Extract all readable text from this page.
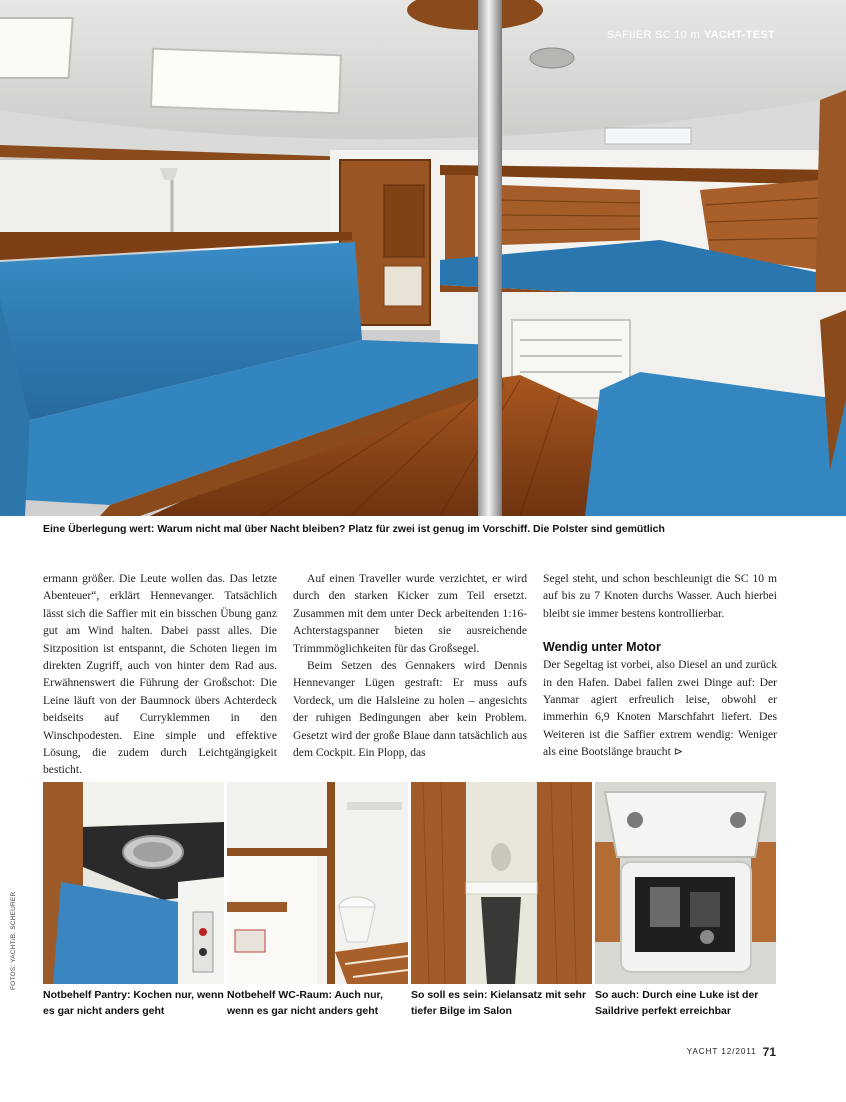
SAFIIER SC 10 m YACHT-TEST
Eine Überlegung wert: Warum nicht mal über Nacht bleiben? Platz für zwei ist genug im Vorschiff. Die Polster sind gemütlich

ermann größer. Die Leute wollen das. Das letzte Abenteuer“, erklärt Hennevanger. Tatsächlich lässt sich die Saffier mit ein bisschen Übung ganz gut am Wind halten. Dabei passt alles. Die Sitzposition ist entspannt, die Schoten liegen im direkten Zugriff, auch von hinter dem Rad aus. Erwähnenswert die Führung der Großschot: Die Leine läuft von der Baumnock übers Achterdeck beidseits auf Curryklemmen in den Winschpodesten. Eine simple und effektive Lösung, die zudem durch Leichtgängigkeit besticht.

Auf einen Traveller wurde verzichtet, er wird durch den starken Kicker zum Teil ersetzt. Zusammen mit dem unter Deck arbeitenden 1:16-Achterstagspanner bieten sie ausreichende Trimmmöglichkeiten für das Großsegel.

Beim Setzen des Gennakers wird Dennis Hennevanger Lügen gestraft: Er muss aufs Vordeck, um die Halsleine zu holen – angesichts der ruhigen Bedingungen aber kein Problem. Gesetzt wird der große Blaue dann tatsächlich aus dem Cockpit. Ein Plopp, das

Segel steht, und schon beschleunigt die SC 10 m auf bis zu 7 Knoten durchs Wasser. Auch hierbei bleibt sie immer bestens kontrollierbar.

Wendig unter Motor

Der Segeltag ist vorbei, also Diesel an und zurück in den Hafen. Dabei fallen zwei Dinge auf: Der Yanmar agiert erfreulich leise, obwohl er immerhin 6,9 Knoten Marschfahrt liefert. Des Weiteren ist die Saffier extrem wendig: Weniger als eine Bootslänge braucht ⊳

Notbehelf Pantry: Kochen nur, wenn es gar nicht anders geht
Notbehelf WC-Raum: Auch nur, wenn es gar nicht anders geht
So soll es sein: Kielansatz mit sehr tiefer Bilge im Salon
So auch: Durch eine Luke ist der Saildrive perfekt erreichbar
FOTOS: YACHT/B. SCHEURER
YACHT 12/2011 71
